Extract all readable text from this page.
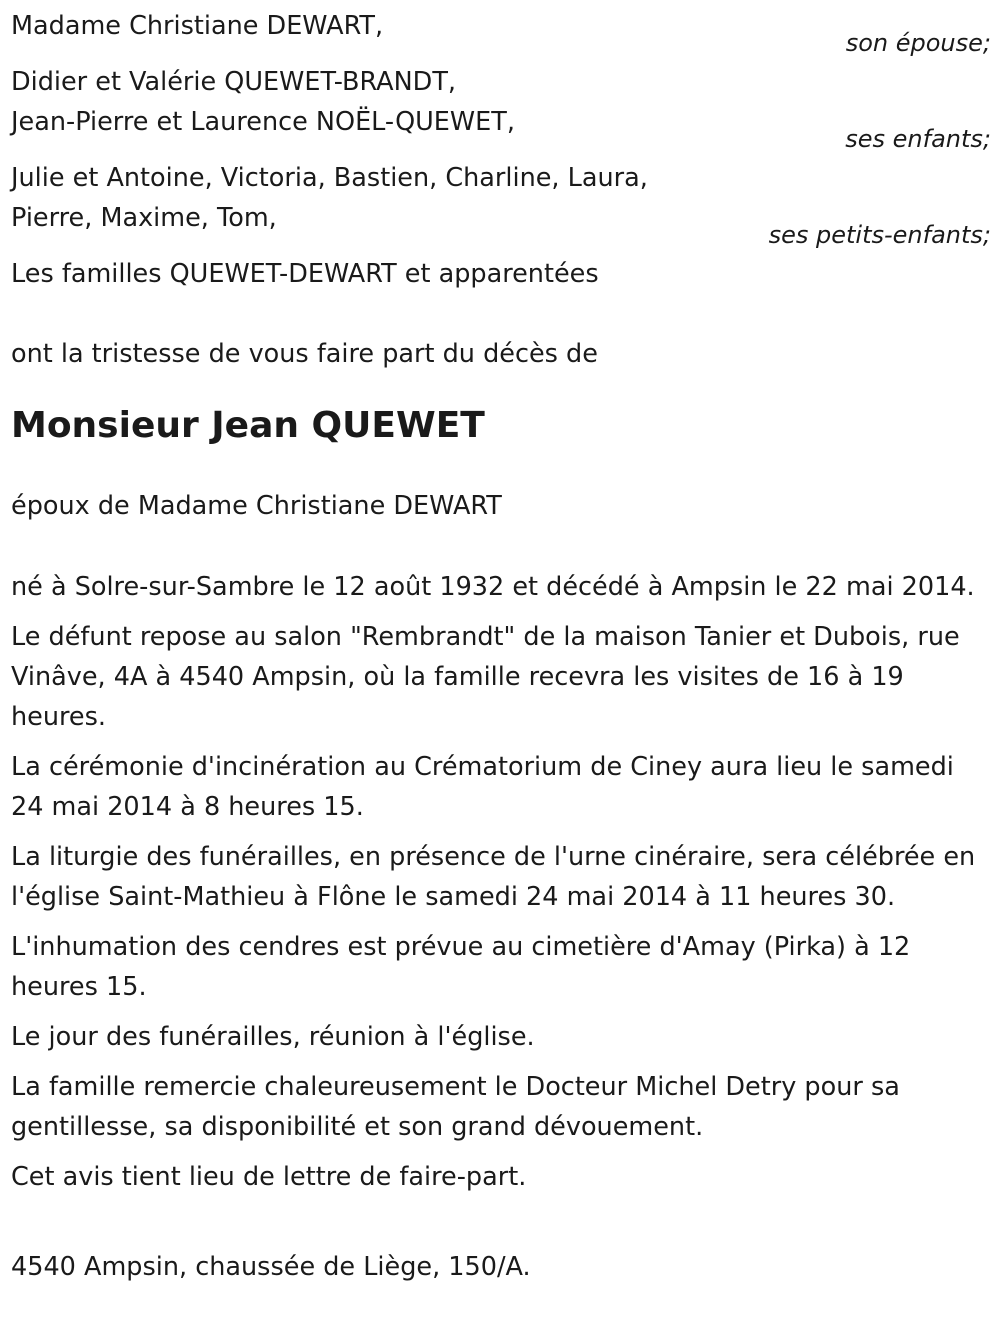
Madame Christiane DEWART,
son épouse;
Didier et Valérie QUEWET-BRANDT,
Jean-Pierre et Laurence NOËL-QUEWET,
ses enfants;
Julie et Antoine, Victoria, Bastien, Charline, Laura,
Pierre, Maxime, Tom,
ses petits-enfants;
Les familles QUEWET-DEWART et apparentées
ont la tristesse de vous faire part du décès de
Monsieur Jean QUEWET
époux de Madame Christiane DEWART
né à Solre-sur-Sambre le 12 août 1932 et décédé à Ampsin le 22 mai 2014.
Le défunt repose au salon "Rembrandt" de la maison Tanier et Dubois, rue Vinâve, 4A à 4540 Ampsin, où la famille recevra les visites de 16 à 19 heures.
La cérémonie d'incinération au Crématorium de Ciney aura lieu le samedi 24 mai 2014 à 8 heures 15.
La liturgie des funérailles, en présence de l'urne cinéraire, sera célébrée en l'église Saint-Mathieu à Flône le samedi 24 mai 2014 à 11 heures 30.
L'inhumation des cendres est prévue au cimetière d'Amay (Pirka) à 12 heures 15.
Le jour des funérailles, réunion à l'église.
La famille remercie chaleureusement le Docteur Michel Detry pour sa gentillesse, sa disponibilité et son grand dévouement.
Cet avis tient lieu de lettre de faire-part.
4540 Ampsin, chaussée de Liège, 150/A.
